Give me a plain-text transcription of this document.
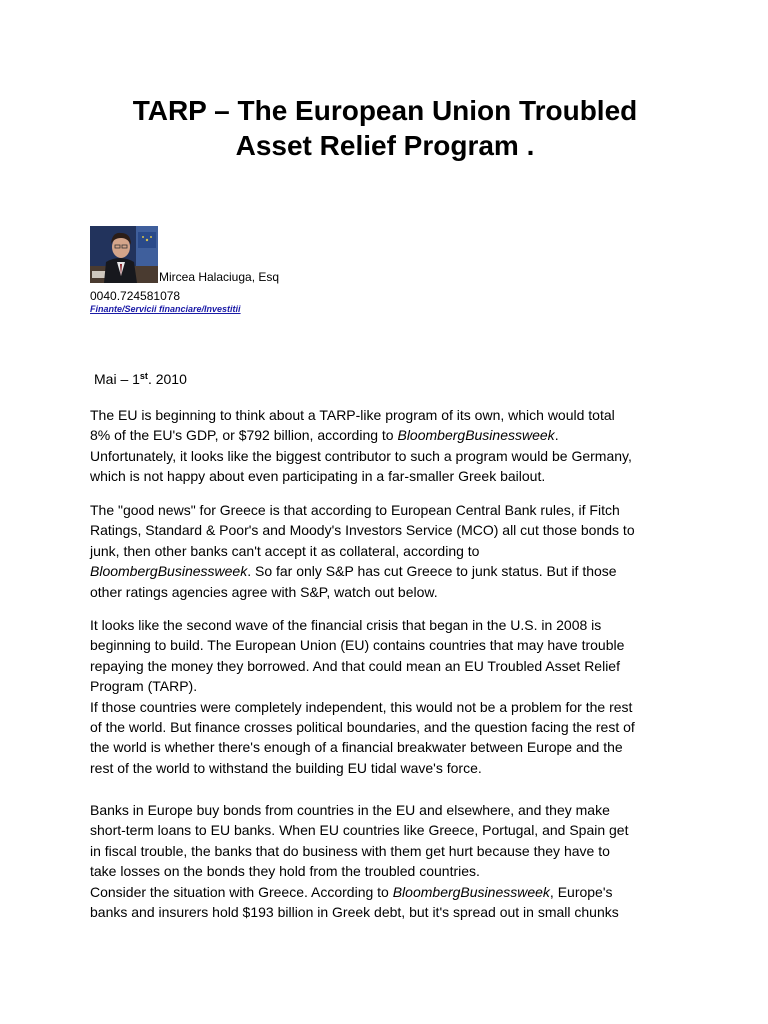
TARP – The European Union Troubled
Asset Relief Program .
Mircea Halaciuga, Esq
0040.724581078
Finante/Servicii financiare/Investitii
Mai – 1st. 2010

The EU is beginning to think about a TARP-like program of its own, which would total
8% of the EU's GDP, or $792 billion, according to BloombergBusinessweek.
Unfortunately, it looks like the biggest contributor to such a program would be Germany,
which is not happy about even participating in a far-smaller Greek bailout.

The "good news" for Greece is that according to European Central Bank rules, if Fitch
Ratings, Standard & Poor's and Moody's Investors Service (MCO) all cut those bonds to
junk, then other banks can't accept it as collateral, according to
BloombergBusinessweek. So far only S&P has cut Greece to junk status. But if those
other ratings agencies agree with S&P, watch out below.

It looks like the second wave of the financial crisis that began in the U.S. in 2008 is
beginning to build. The European Union (EU) contains countries that may have trouble
repaying the money they borrowed. And that could mean an EU Troubled Asset Relief
Program (TARP).
If those countries were completely independent, this would not be a problem for the rest
of the world. But finance crosses political boundaries, and the question facing the rest of
the world is whether there's enough of a financial breakwater between Europe and the
rest of the world to withstand the building EU tidal wave's force.

Banks in Europe buy bonds from countries in the EU and elsewhere, and they make
short-term loans to EU banks. When EU countries like Greece, Portugal, and Spain get
in fiscal trouble, the banks that do business with them get hurt because they have to
take losses on the bonds they hold from the troubled countries.
Consider the situation with Greece. According to BloombergBusinessweek, Europe's
banks and insurers hold $193 billion in Greek debt, but it's spread out in small chunks
